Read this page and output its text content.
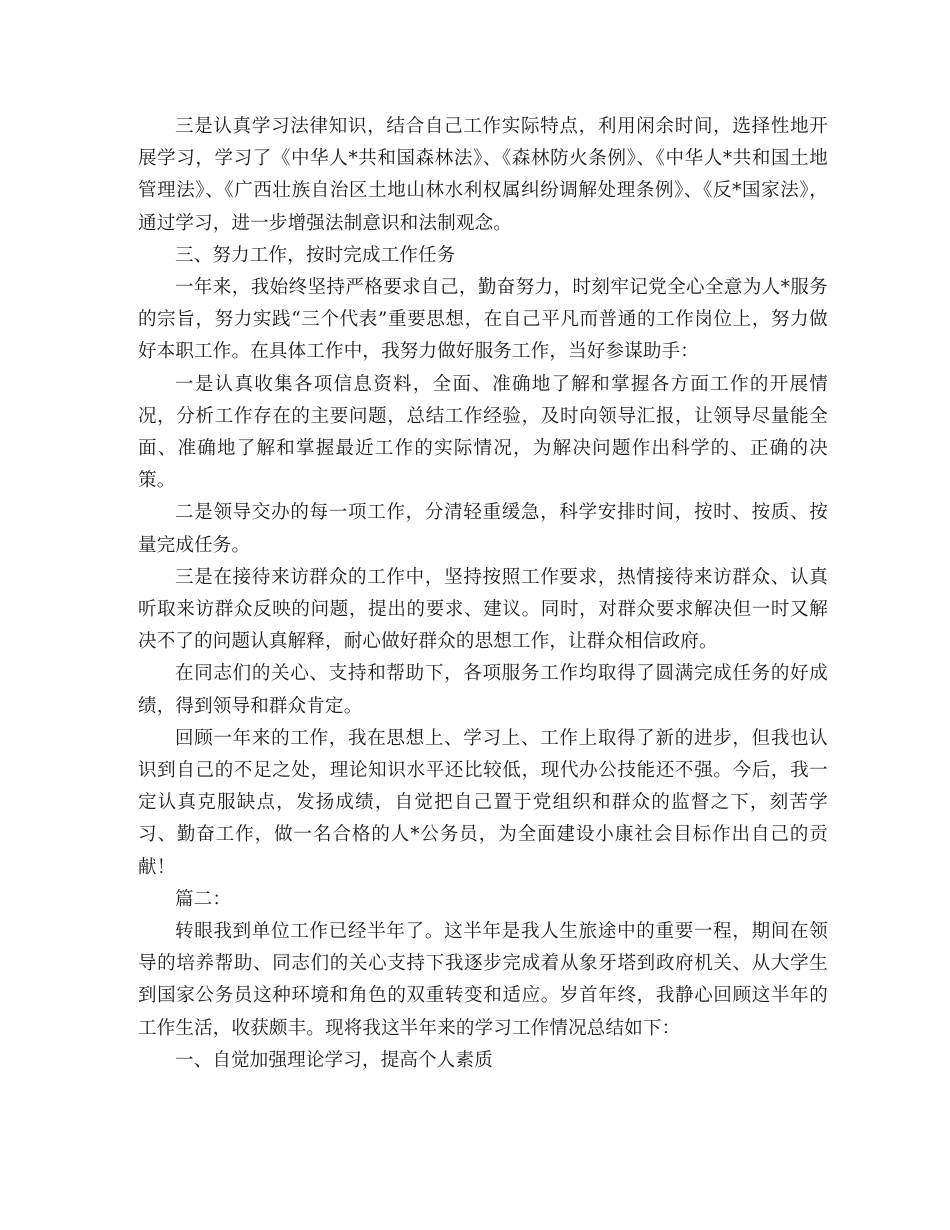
三是认真学习法律知识，结合自己工作实际特点，利用闲余时间，选择性地开展学习，学习了《中华人*共和国森林法》、《森林防火条例》、《中华人*共和国土地管理法》、《广西壮族自治区土地山林水利权属纠纷调解处理条例》、《反*国家法》，通过学习，进一步增强法制意识和法制观念。

三、努力工作，按时完成工作任务

一年来，我始终坚持严格要求自己，勤奋努力，时刻牢记党全心全意为人*服务的宗旨，努力实践“三个代表”重要思想，在自己平凡而普通的工作岗位上，努力做好本职工作。在具体工作中，我努力做好服务工作，当好参谋助手：

一是认真收集各项信息资料，全面、准确地了解和掌握各方面工作的开展情况，分析工作存在的主要问题，总结工作经验，及时向领导汇报，让领导尽量能全面、准确地了解和掌握最近工作的实际情况，为解决问题作出科学的、正确的决策。

二是领导交办的每一项工作，分清轻重缓急，科学安排时间，按时、按质、按量完成任务。

三是在接待来访群众的工作中，坚持按照工作要求，热情接待来访群众、认真听取来访群众反映的问题，提出的要求、建议。同时，对群众要求解决但一时又解决不了的问题认真解释，耐心做好群众的思想工作，让群众相信政府。

在同志们的关心、支持和帮助下，各项服务工作均取得了圆满完成任务的好成绩，得到领导和群众肯定。

回顾一年来的工作，我在思想上、学习上、工作上取得了新的进步，但我也认识到自己的不足之处，理论知识水平还比较低，现代办公技能还不强。今后，我一定认真克服缺点，发扬成绩，自觉把自己置于党组织和群众的监督之下，刻苦学习、勤奋工作，做一名合格的人*公务员，为全面建设小康社会目标作出自己的贡献！

篇二：

转眼我到单位工作已经半年了。这半年是我人生旅途中的重要一程，期间在领导的培养帮助、同志们的关心支持下我逐步完成着从象牙塔到政府机关、从大学生到国家公务员这种环境和角色的双重转变和适应。岁首年终，我静心回顾这半年的工作生活，收获颇丰。现将我这半年来的学习工作情况总结如下：

一、自觉加强理论学习，提高个人素质
